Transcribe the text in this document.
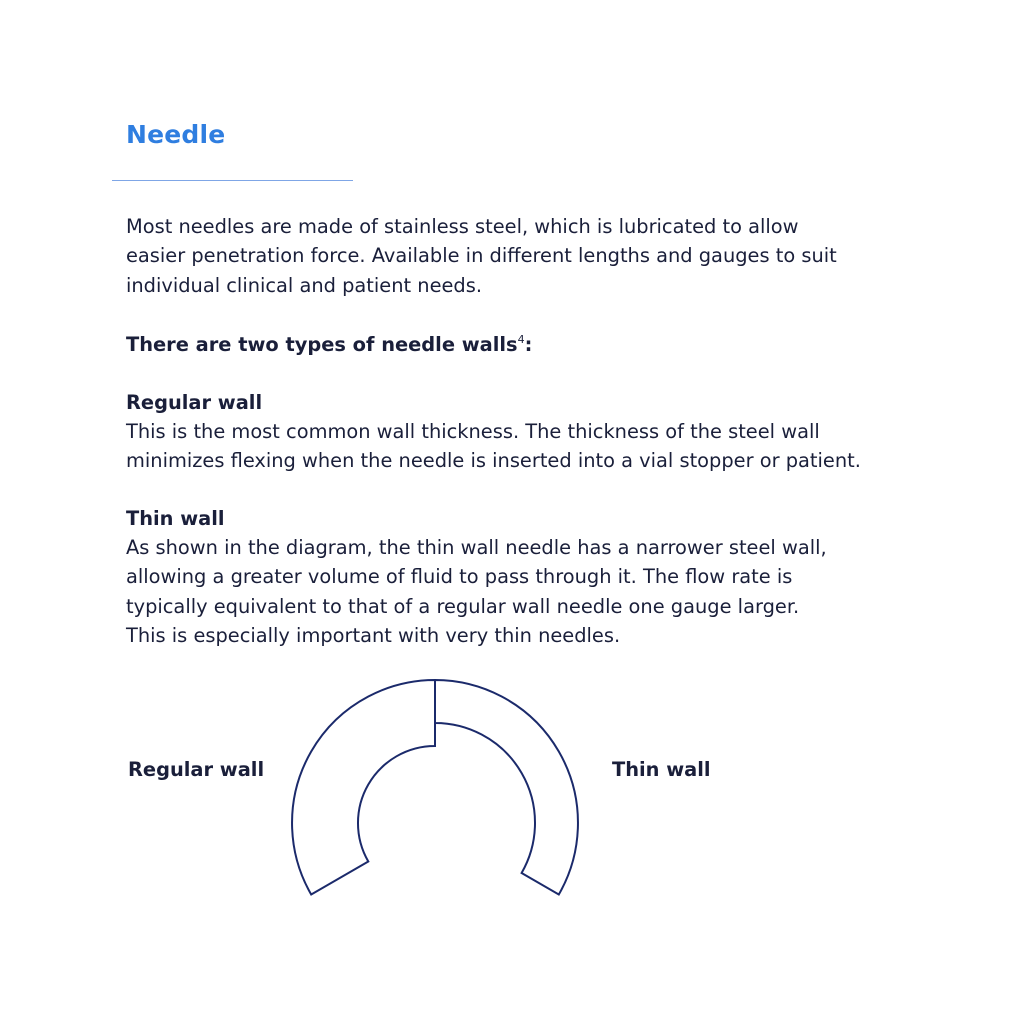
Needle

Most needles are made of stainless steel, which is lubricated to allow
easier penetration force. Available in different lengths and gauges to suit
individual clinical and patient needs.

There are two types of needle walls$^4$:

Regular wall

This is the most common wall thickness. The thickness of the steel wall
minimizes flexing when the needle is inserted into a vial stopper or patient.

Thin wall

As shown in the diagram, the thin wall needle has a narrower steel wall,
allowing a greater volume of fluid to pass through it. The flow rate is
typically equivalent to that of a regular wall needle one gauge larger.
This is especially important with very thin needles.

Regular wall	Thin wall
